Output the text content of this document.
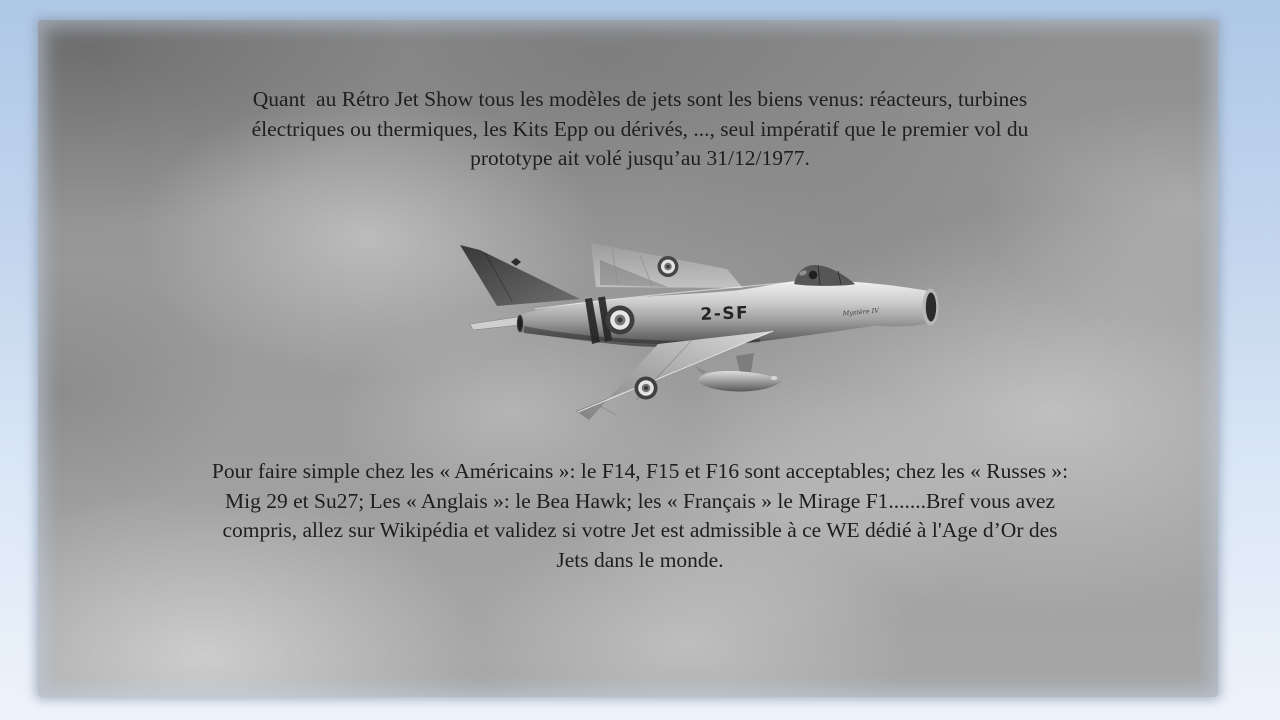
2-SF	Mystère IV
Quant  au Rétro Jet Show tous les modèles de jets sont les biens venus: réacteurs, turbines
électriques ou thermiques, les Kits Epp ou dérivés, ..., seul impératif que le premier vol du
prototype ait volé jusqu’au 31/12/1977.
Pour faire simple chez les « Américains »: le F14, F15 et F16 sont acceptables; chez les « Russes »:
Mig 29 et Su27; Les « Anglais »: le Bea Hawk; les « Français » le Mirage F1.......Bref vous avez
compris, allez sur Wikipédia et validez si votre Jet est admissible à ce WE dédié à l'Age d’Or des
Jets dans le monde.
